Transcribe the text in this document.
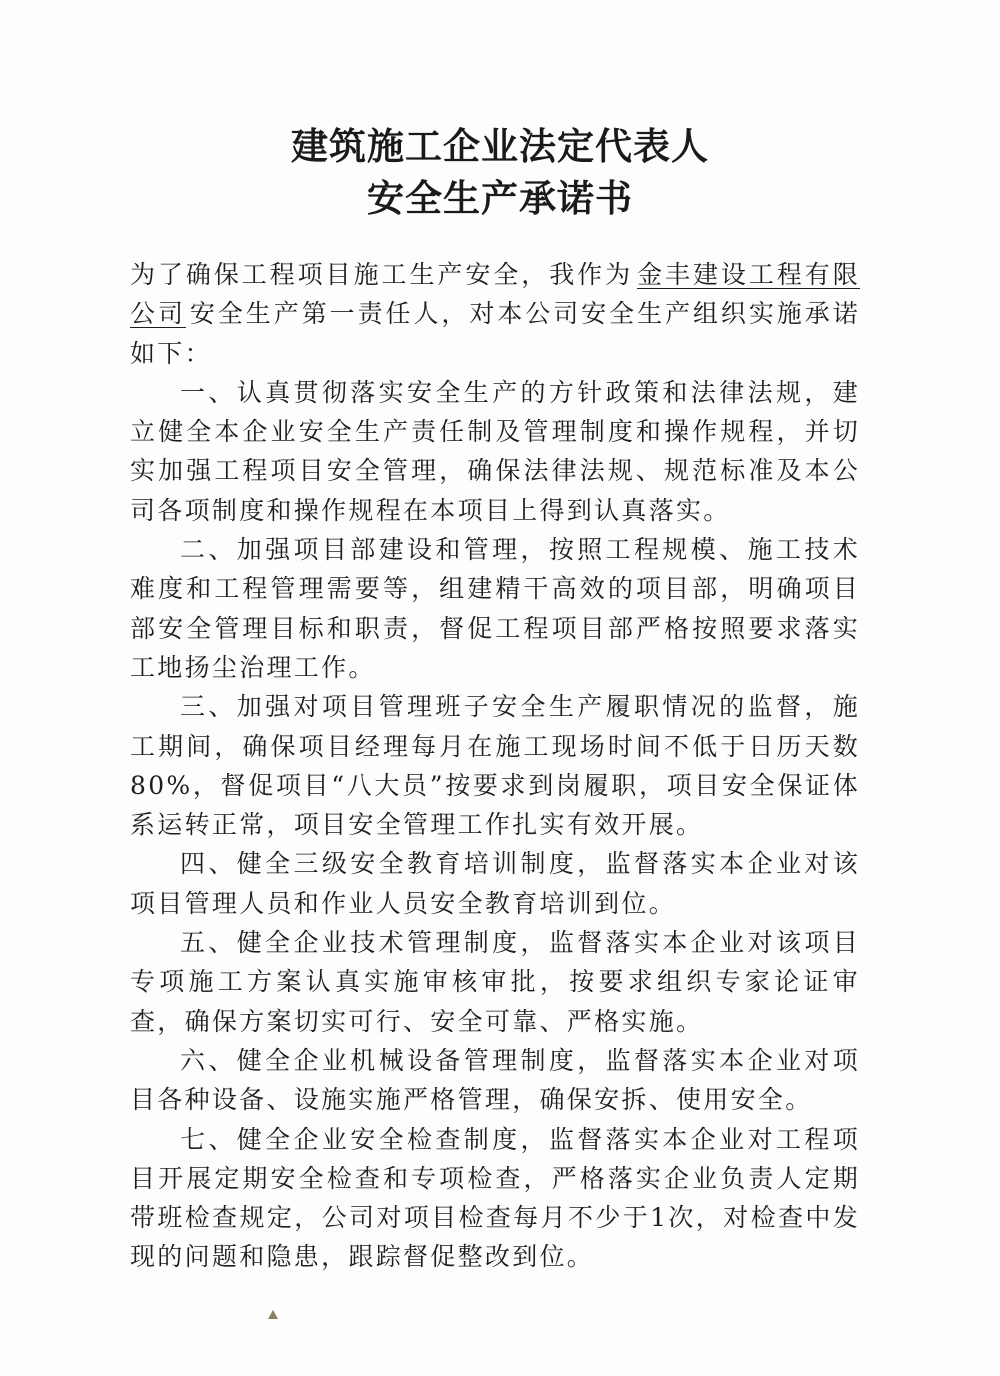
建筑施工企业法定代表人
安全生产承诺书

为了确保工程项目施工生产安全，我作为 金丰建设工程有限公司 安全生产第一责任人，对本公司安全生产组织实施承诺如下：

一、认真贯彻落实安全生产的方针政策和法律法规，建立健全本企业安全生产责任制及管理制度和操作规程，并切实加强工程项目安全管理，确保法律法规、规范标准及本公司各项制度和操作规程在本项目上得到认真落实。

二、加强项目部建设和管理，按照工程规模、施工技术难度和工程管理需要等，组建精干高效的项目部，明确项目部安全管理目标和职责，督促工程项目部严格按照要求落实工地扬尘治理工作。

三、加强对项目管理班子安全生产履职情况的监督，施工期间，确保项目经理每月在施工现场时间不低于日历天数80%，督促项目“八大员”按要求到岗履职，项目安全保证体系运转正常，项目安全管理工作扎实有效开展。

四、健全三级安全教育培训制度，监督落实本企业对该项目管理人员和作业人员安全教育培训到位。

五、健全企业技术管理制度，监督落实本企业对该项目专项施工方案认真实施审核审批，按要求组织专家论证审查，确保方案切实可行、安全可靠、严格实施。

六、健全企业机械设备管理制度，监督落实本企业对项目各种设备、设施实施严格管理，确保安拆、使用安全。

七、健全企业安全检查制度，监督落实本企业对工程项目开展定期安全检查和专项检查，严格落实企业负责人定期带班检查规定，公司对项目检查每月不少于1次，对检查中发现的问题和隐患，跟踪督促整改到位。
